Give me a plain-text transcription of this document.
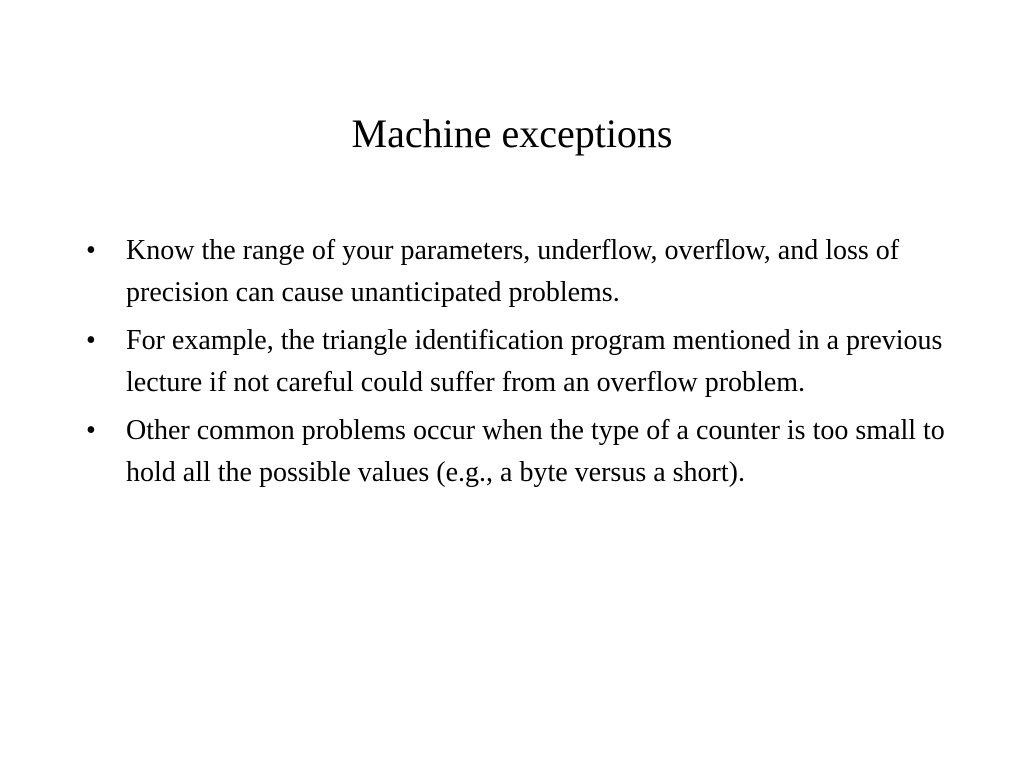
Machine exceptions
•	Know the range of your parameters, underflow, overflow, and loss of precision can cause unanticipated problems.
•	For example, the triangle identification program mentioned in a previous lecture if not careful could suffer from an overflow problem.
•	Other common problems occur when the type of a counter is too small to hold all the possible values (e.g., a byte versus a short).
